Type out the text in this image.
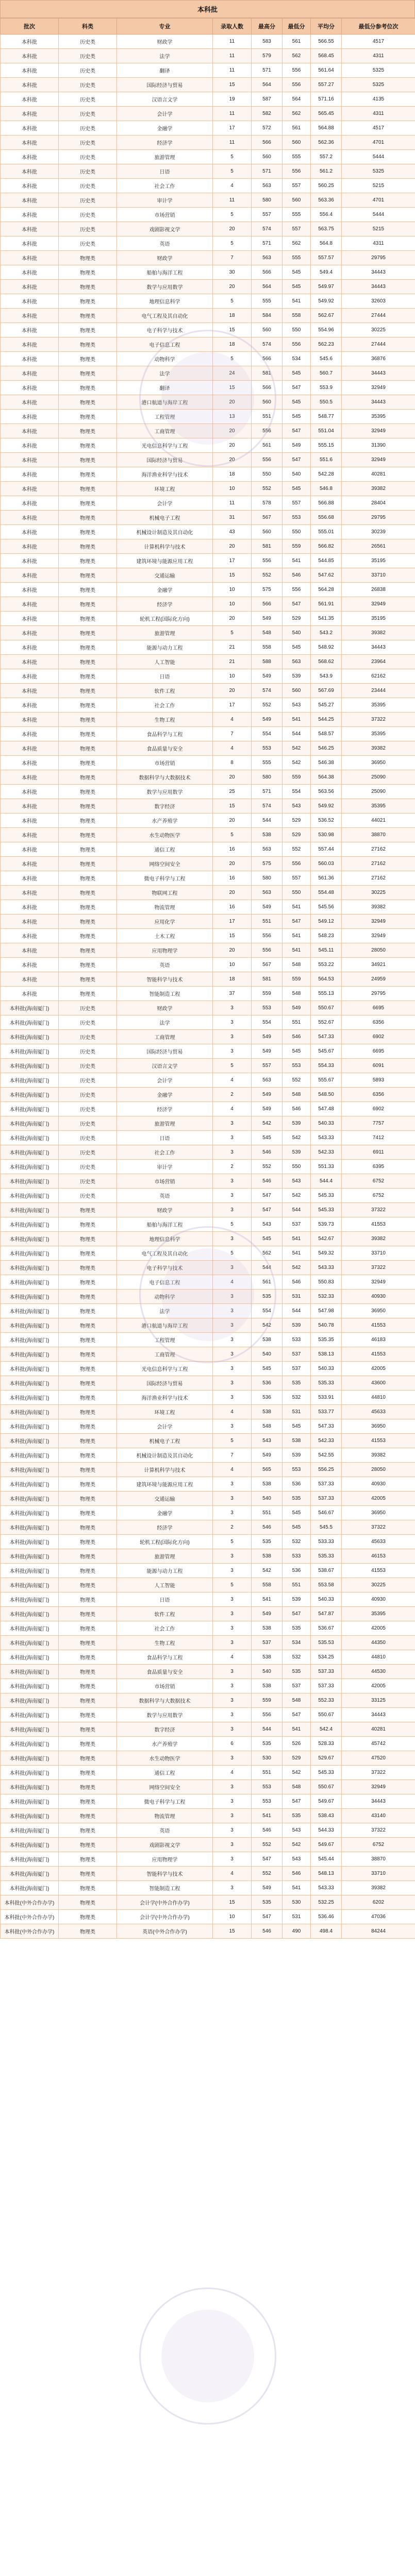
本科批
批次	科类	专业	录取人数	最高分	最低分	平均分	最低分参考位次
本科批	历史类	财政学	11	583	561	566.55	4517
本科批	历史类	法学	11	579	562	568.45	4311
本科批	历史类	翻译	11	571	556	561.64	5325
本科批	历史类	国际经济与贸易	15	564	556	557.27	5325
本科批	历史类	汉语言文学	19	587	564	571.16	4135
本科批	历史类	会计学	11	582	562	565.45	4311
本科批	历史类	金融学	17	572	561	564.88	4517
本科批	历史类	经济学	11	566	560	562.36	4701
本科批	历史类	旅游管理	5	560	555	557.2	5444
本科批	历史类	日语	5	571	556	561.2	5325
本科批	历史类	社会工作	4	563	557	560.25	5215
本科批	历史类	审计学	11	580	560	563.36	4701
本科批	历史类	市场营销	5	557	555	556.4	5444
本科批	历史类	戏剧影视文学	20	574	557	563.75	5215
本科批	历史类	英语	5	571	562	564.8	4311
本科批	物理类	财政学	7	563	555	557.57	29795
本科批	物理类	船舶与海洋工程	30	566	545	549.4	34443
本科批	物理类	数学与应用数学	20	564	545	549.97	34443
本科批	物理类	地理信息科学	5	555	541	549.92	32603
本科批	物理类	电气工程及其自动化	18	584	558	562.67	27444
本科批	物理类	电子科学与技术	15	560	550	554.96	30225
本科批	物理类	电子信息工程	18	574	556	562.23	27444
本科批	物理类	动物科学	5	566	534	545.6	36876
本科批	物理类	法学	24	581	545	560.7	34443
本科批	物理类	翻译	15	566	547	553.9	32949
本科批	物理类	港口航道与海岸工程	20	560	545	550.5	34443
本科批	物理类	工程管理	13	551	545	548.77	35395
本科批	物理类	工商管理	20	556	547	551.04	32949
本科批	物理类	光电信息科学与工程	20	561	549	555.15	31390
本科批	物理类	国际经济与贸易	20	556	547	551.6	32949
本科批	物理类	海洋渔业科学与技术	18	550	540	542.28	40281
本科批	物理类	环境工程	10	552	545	546.8	39382
本科批	物理类	会计学	11	578	557	566.88	28404
本科批	物理类	机械电子工程	31	567	553	556.68	29795
本科批	物理类	机械设计制造及其自动化	43	560	550	555.01	30239
本科批	物理类	计算机科学与技术	20	581	559	566.82	26561
本科批	物理类	建筑环境与能源应用工程	17	556	541	544.85	35195
本科批	物理类	交通运输	15	552	546	547.62	33710
本科批	物理类	金融学	10	575	556	564.28	26838
本科批	物理类	经济学	10	566	547	561.91	32949
本科批	物理类	轮机工程(国际化方向)	20	549	529	541.35	35195
本科批	物理类	旅游管理	5	548	540	543.2	39382
本科批	物理类	能源与动力工程	21	558	545	548.92	34443
本科批	物理类	人工智能	21	588	563	568.62	23964
本科批	物理类	日语	10	549	539	543.9	62162
本科批	物理类	软件工程	20	574	560	567.69	23444
本科批	物理类	社会工作	17	552	543	545.27	35395
本科批	物理类	生物工程	4	549	541	544.25	37322
本科批	物理类	食品科学与工程	7	554	544	548.57	35395
本科批	物理类	食品质量与安全	4	553	542	546.25	39382
本科批	物理类	市场营销	8	555	542	546.38	36950
本科批	物理类	数据科学与大数据技术	20	580	559	564.38	25090
本科批	物理类	数学与应用数学	25	571	554	563.56	25090
本科批	物理类	数字经济	15	574	543	549.92	35395
本科批	物理类	水产养殖学	20	544	529	536.52	44021
本科批	物理类	水生动物医学	5	538	529	530.98	38870
本科批	物理类	通信工程	16	563	552	557.44	27162
本科批	物理类	网络空间安全	20	575	556	560.03	27162
本科批	物理类	微电子科学与工程	16	580	557	561.36	27162
本科批	物理类	物联网工程	20	563	550	554.48	30225
本科批	物理类	物流管理	16	549	541	545.56	39382
本科批	物理类	应用化学	17	551	547	549.12	32949
本科批	物理类	土木工程	15	556	541	548.23	32949
本科批	物理类	应用物理学	20	556	541	545.11	28050
本科批	物理类	英语	10	567	548	553.22	34921
本科批	物理类	智能科学与技术	18	581	559	564.53	24959
本科批	物理类	智能制造工程	37	559	548	555.13	29795
本科批(海南厦门)	历史类	财政学	3	553	549	550.67	6695
本科批(海南厦门)	历史类	法学	3	554	551	552.67	6356
本科批(海南厦门)	历史类	工商管理	3	549	546	547.33	6902
本科批(海南厦门)	历史类	国际经济与贸易	3	549	545	545.67	6695
本科批(海南厦门)	历史类	汉语言文学	5	557	553	554.33	6091
本科批(海南厦门)	历史类	会计学	4	563	552	555.67	5893
本科批(海南厦门)	历史类	金融学	2	549	548	548.50	6356
本科批(海南厦门)	历史类	经济学	4	549	546	547.48	6902
本科批(海南厦门)	历史类	旅游管理	3	542	539	540.33	7757
本科批(海南厦门)	历史类	日语	3	545	542	543.33	7412
本科批(海南厦门)	历史类	社会工作	3	546	539	542.33	6911
本科批(海南厦门)	历史类	审计学	2	552	550	551.33	6395
本科批(海南厦门)	历史类	市场营销	3	546	543	544.4	6752
本科批(海南厦门)	历史类	英语	3	547	542	545.33	6752
本科批(海南厦门)	物理类	财政学	3	547	544	545.33	37322
本科批(海南厦门)	物理类	船舶与海洋工程	5	543	537	539.73	41553
本科批(海南厦门)	物理类	地理信息科学	3	545	541	542.67	39382
本科批(海南厦门)	物理类	电气工程及其自动化	5	562	541	549.32	33710
本科批(海南厦门)	物理类	电子科学与技术	3	544	542	543.33	37322
本科批(海南厦门)	物理类	电子信息工程	4	561	546	550.83	32949
本科批(海南厦门)	物理类	动物科学	3	535	531	532.33	40930
本科批(海南厦门)	物理类	法学	3	554	544	547.98	36950
本科批(海南厦门)	物理类	港口航道与海岸工程	3	542	539	540.78	41553
本科批(海南厦门)	物理类	工程管理	3	538	533	535.35	46183
本科批(海南厦门)	物理类	工商管理	3	540	537	538.13	41553
本科批(海南厦门)	物理类	光电信息科学与工程	3	545	537	540.33	42005
本科批(海南厦门)	物理类	国际经济与贸易	3	536	535	535.33	43600
本科批(海南厦门)	物理类	海洋渔业科学与技术	3	536	532	533.91	44810
本科批(海南厦门)	物理类	环境工程	4	538	531	533.77	45633
本科批(海南厦门)	物理类	会计学	3	548	545	547.33	36950
本科批(海南厦门)	物理类	机械电子工程	5	543	538	542.33	41553
本科批(海南厦门)	物理类	机械设计制造及其自动化	7	549	539	542.55	39382
本科批(海南厦门)	物理类	计算机科学与技术	4	565	553	556.25	28050
本科批(海南厦门)	物理类	建筑环境与能源应用工程	3	538	536	537.33	40930
本科批(海南厦门)	物理类	交通运输	3	540	535	537.33	42005
本科批(海南厦门)	物理类	金融学	3	551	545	546.67	36950
本科批(海南厦门)	物理类	经济学	2	546	545	545.5	37322
本科批(海南厦门)	物理类	轮机工程(国际化方向)	5	535	532	533.33	45633
本科批(海南厦门)	物理类	旅游管理	3	538	533	535.33	46153
本科批(海南厦门)	物理类	能源与动力工程	3	542	536	538.67	41553
本科批(海南厦门)	物理类	人工智能	5	558	551	553.58	30225
本科批(海南厦门)	物理类	日语	3	541	539	540.33	40930
本科批(海南厦门)	物理类	软件工程	3	549	547	547.87	35395
本科批(海南厦门)	物理类	社会工作	3	538	535	536.67	42005
本科批(海南厦门)	物理类	生物工程	3	537	534	535.53	44350
本科批(海南厦门)	物理类	食品科学与工程	4	538	532	534.25	44810
本科批(海南厦门)	物理类	食品质量与安全	3	540	535	537.33	44530
本科批(海南厦门)	物理类	市场营销	3	538	537	537.33	42005
本科批(海南厦门)	物理类	数据科学与大数据技术	3	559	548	552.33	33125
本科批(海南厦门)	物理类	数学与应用数学	3	556	547	550.67	34443
本科批(海南厦门)	物理类	数字经济	3	544	541	542.4	40281
本科批(海南厦门)	物理类	水产养殖学	6	535	526	528.33	45742
本科批(海南厦门)	物理类	水生动物医学	3	530	529	529.67	47520
本科批(海南厦门)	物理类	通信工程	4	551	542	545.33	37322
本科批(海南厦门)	物理类	网络空间安全	3	553	548	550.67	32949
本科批(海南厦门)	物理类	微电子科学与工程	3	553	547	549.67	34443
本科批(海南厦门)	物理类	物流管理	3	541	535	538.43	43140
本科批(海南厦门)	物理类	英语	3	546	543	544.33	37322
本科批(海南厦门)	物理类	戏剧影视文学	3	552	542	549.67	6752
本科批(海南厦门)	物理类	应用物理学	3	547	543	545.44	38870
本科批(海南厦门)	物理类	智能科学与技术	4	552	546	548.13	33710
本科批(海南厦门)	物理类	智能制造工程	3	549	541	543.33	39382
本科批(中外合作办学)	物理类	会计学(中外合作办学)	15	535	530	532.25	6202
本科批(中外合作办学)	物理类	会计学(中外合作办学)	10	547	531	536.46	47036
本科批(中外合作办学)	物理类	英语(中外合作办学)	15	546	490	498.4	84244
